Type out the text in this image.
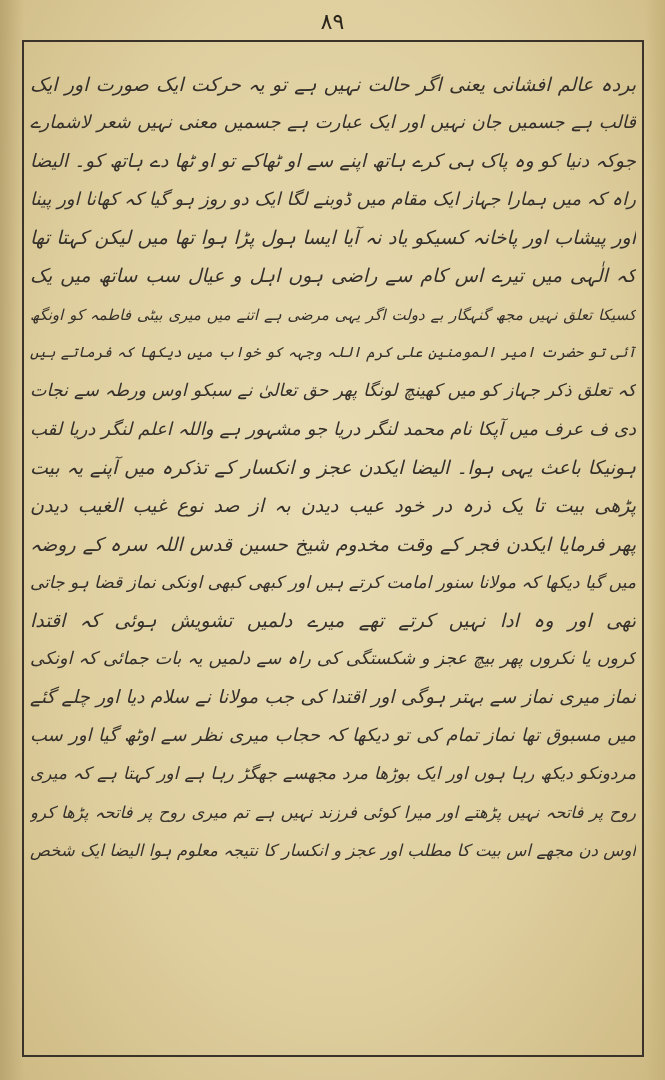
٨٩
بردہ عالم افشانی یعنی اگر حالت نہیں ہے تو یہ حرکت ایک صورت اور ایک
قالب ہے جسمیں جان نہیں اور ایک عبارت ہے جسمیں معنی نہیں شعر لاشمارے
جوکہ دنیا کو وہ پاک ہی کرے ہاتھ اپنے سے او ٹھاکے تو او ٹھا دے ہاتھ کو۔ الیضا
راہ کہ میں ہمارا جہاز ایک مقام میں ڈوبنے لگا ایک دو روز ہو گیا کہ کھانا اور پینا
اور پیشاب اور پاخانہ کسیکو یاد نہ آیا ایسا ہول پڑا ہوا تھا میں لیکن کہتا تھا
کہ الٰہی میں تیرے اس کام سے راضی ہوں اہل و عیال سب ساتھ میں یک
کسیکا تعلق نہیں مجھ گنہگار بے دولت اگر یہی مرضی ہے اتنے میں میری بیٹی فاطمہ کو اونگھ
آئی تو حضرت امیر المومنین علی کرم اللہ وجہہ کو خواب میں دیکھا کہ فرماتے ہیں
کہ تعلق ذکر جہاز کو میں کھینچ لونگا پھر حق تعالیٰ نے سبکو اوس ورطہ سے نجات
دی ف عرف میں آپکا نام محمد لنگر دریا جو مشہور ہے واللہ اعلم لنگر دریا لقب
ہونیکا باعث یہی ہوا۔ الیضا ایکدن عجز و انکسار کے تذکرہ میں آپنے یہ بیت
پڑھی بیت تا یک ذرہ در خود عیب دیدن بہ از صد نوع غیب الغیب دیدن
پھر فرمایا ایکدن فجر کے وقت مخدوم شیخ حسین قدس اللہ سرہ کے روضہ
میں گیا دیکھا کہ مولانا سنور امامت کرتے ہیں اور کبھی کبھی اونکی نماز قضا ہو جاتی
تھی اور وہ ادا نہیں کرتے تھے میرے دلمیں تشویش ہوئی کہ اقتدا
کروں یا نکروں پھر بیچ عجز و شکستگی کی راہ سے دلمیں یہ بات جمائی کہ اونکی
نماز میری نماز سے بہتر ہوگی اور اقتدا کی جب مولانا نے سلام دیا اور چلے گئے
میں مسبوق تھا نماز تمام کی تو دیکھا کہ حجاب میری نظر سے اوٹھ گیا اور سب
مردونکو دیکھ رہا ہوں اور ایک بوڑھا مرد مجھسے جھگڑ رہا ہے اور کہتا ہے کہ میری
روح پر فاتحہ نہیں پڑھتے اور میرا کوئی فرزند نہیں ہے تم میری روح پر فاتحہ پڑھا کرو
اوس دن مجھے اس بیت کا مطلب اور عجز و انکسار کا نتیجہ معلوم ہوا الیضا ایک شخص
